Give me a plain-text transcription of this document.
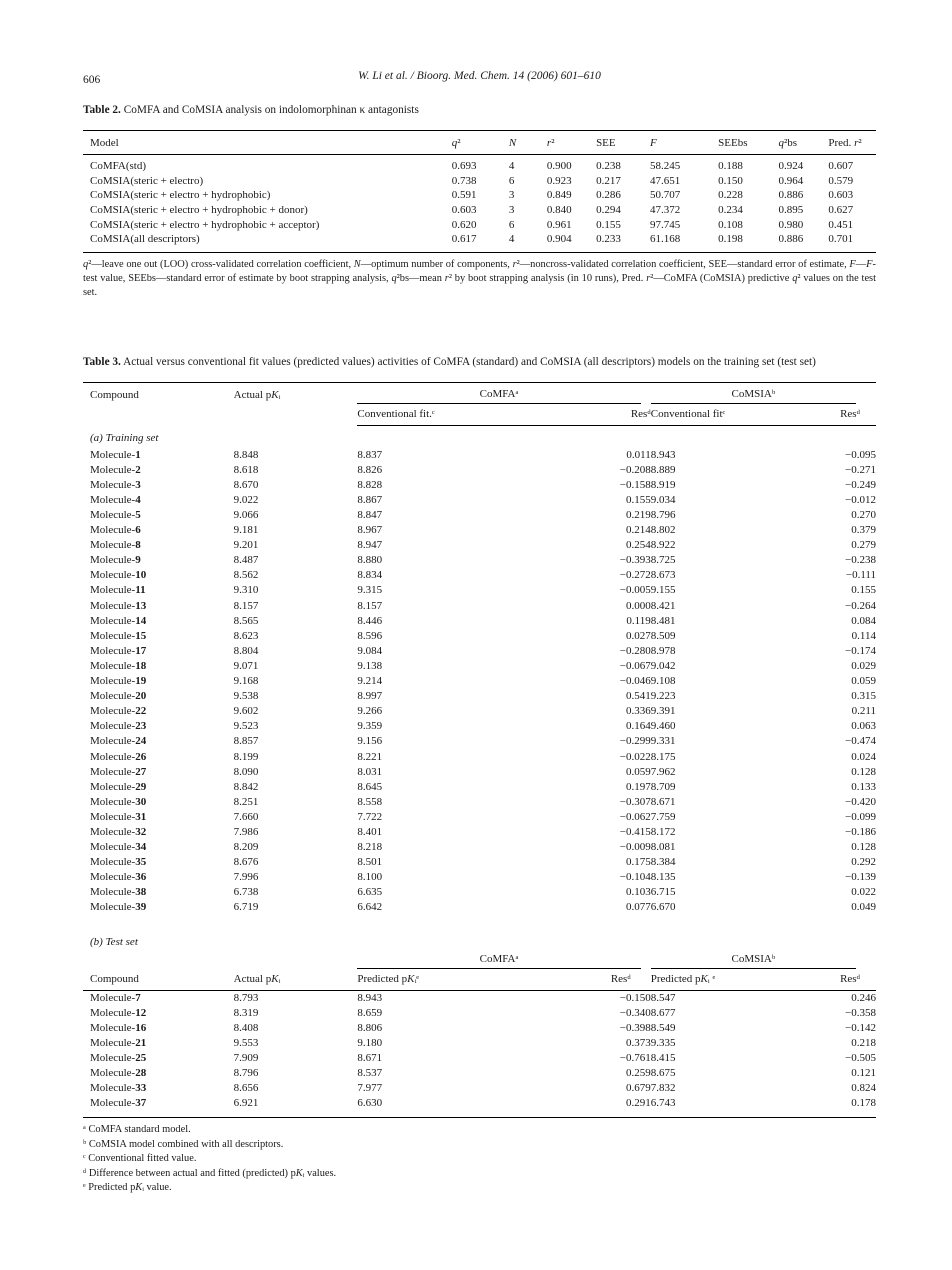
606	W. Li et al. / Bioorg. Med. Chem. 14 (2006) 601–610

Table 2. CoMFA and CoMSIA analysis on indolomorphinan κ antagonists

Model	q²	N	r²	SEE	F	SEEbs	q²bs	Pred. r²
CoMFA(std)	0.693	4	0.900	0.238	58.245	0.188	0.924	0.607
CoMSIA(steric + electro)	0.738	6	0.923	0.217	47.651	0.150	0.964	0.579
CoMSIA(steric + electro + hydrophobic)	0.591	3	0.849	0.286	50.707	0.228	0.886	0.603
CoMSIA(steric + electro + hydrophobic + donor)	0.603	3	0.840	0.294	47.372	0.234	0.895	0.627
CoMSIA(steric + electro + hydrophobic + acceptor)	0.620	6	0.961	0.155	97.745	0.108	0.980	0.451
CoMSIA(all descriptors)	0.617	4	0.904	0.233	61.168	0.198	0.886	0.701

q²—leave one out (LOO) cross-validated correlation coefficient, N—optimum number of components, r²—noncross-validated correlation coefficient, SEE—standard error of estimate, F—F-test value, SEEbs—standard error of estimate by boot strapping analysis, q²bs—mean r² by boot strapping analysis (in 10 runs), Pred. r²—CoMFA (CoMSIA) predictive q² values on the test set.

Table 3. Actual versus conventional fit values (predicted values) activities of CoMFA (standard) and CoMSIA (all descriptors) models on the training set (test set)

Compound	Actual pKᵢ	CoMFAᵃ		CoMSIAᵇ	

		Conventional fit.ᶜ	Resᵈ	Conventional fitᶜ	Resᵈ
(a) Training set					
Molecule-1	8.848	8.837	0.011	8.943	−0.095
Molecule-2	8.618	8.826	−0.208	8.889	−0.271
Molecule-3	8.670	8.828	−0.158	8.919	−0.249
Molecule-4	9.022	8.867	0.155	9.034	−0.012
Molecule-5	9.066	8.847	0.219	8.796	0.270
Molecule-6	9.181	8.967	0.214	8.802	0.379
Molecule-8	9.201	8.947	0.254	8.922	0.279
Molecule-9	8.487	8.880	−0.393	8.725	−0.238
Molecule-10	8.562	8.834	−0.272	8.673	−0.111
Molecule-11	9.310	9.315	−0.005	9.155	0.155
Molecule-13	8.157	8.157	0.000	8.421	−0.264
Molecule-14	8.565	8.446	0.119	8.481	0.084
Molecule-15	8.623	8.596	0.027	8.509	0.114
Molecule-17	8.804	9.084	−0.280	8.978	−0.174
Molecule-18	9.071	9.138	−0.067	9.042	0.029
Molecule-19	9.168	9.214	−0.046	9.108	0.059
Molecule-20	9.538	8.997	0.541	9.223	0.315
Molecule-22	9.602	9.266	0.336	9.391	0.211
Molecule-23	9.523	9.359	0.164	9.460	0.063
Molecule-24	8.857	9.156	−0.299	9.331	−0.474
Molecule-26	8.199	8.221	−0.022	8.175	0.024
Molecule-27	8.090	8.031	0.059	7.962	0.128
Molecule-29	8.842	8.645	0.197	8.709	0.133
Molecule-30	8.251	8.558	−0.307	8.671	−0.420
Molecule-31	7.660	7.722	−0.062	7.759	−0.099
Molecule-32	7.986	8.401	−0.415	8.172	−0.186
Molecule-34	8.209	8.218	−0.009	8.081	0.128
Molecule-35	8.676	8.501	0.175	8.384	0.292
Molecule-36	7.996	8.100	−0.104	8.135	−0.139
Molecule-38	6.738	6.635	0.103	6.715	0.022
Molecule-39	6.719	6.642	0.077	6.670	0.049
(b) Test set

		CoMFAᵃ		CoMSIAᵇ	

Compound	Actual pKᵢ	Predicted pKᵢᵉ	Resᵈ	Predicted pKᵢ ᵉ	Resᵈ
Molecule-7	8.793	8.943	−0.150	8.547	0.246
Molecule-12	8.319	8.659	−0.340	8.677	−0.358
Molecule-16	8.408	8.806	−0.398	8.549	−0.142
Molecule-21	9.553	9.180	0.373	9.335	0.218
Molecule-25	7.909	8.671	−0.761	8.415	−0.505
Molecule-28	8.796	8.537	0.259	8.675	0.121
Molecule-33	8.656	7.977	0.679	7.832	0.824
Molecule-37	6.921	6.630	0.291	6.743	0.178

ᵃ CoMFA standard model.

ᵇ CoMSIA model combined with all descriptors.

ᶜ Conventional fitted value.

ᵈ Difference between actual and fitted (predicted) pKᵢ values.

ᵉ Predicted pKᵢ value.
